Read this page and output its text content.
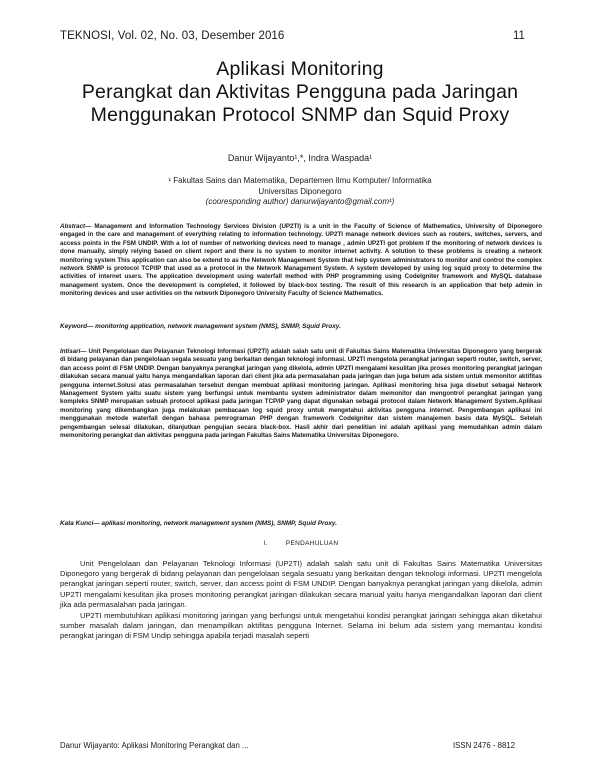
TEKNOSI, Vol. 02, No. 03, Desember 2016	11
Aplikasi Monitoring
Perangkat dan Aktivitas Pengguna pada Jaringan
Menggunakan Protocol SNMP dan Squid Proxy
Danur Wijayanto¹,*, Indra Waspada¹
¹ Fakultas Sains dan Matematika, Departemen Ilmu Komputer/ Informatika
Universitas Diponegoro
(cooresponding author) danurwijayanto@gmail.com¹)
Abstract— Management and Information Technology Services Division (UP2TI) is a unit in the Faculty of Science of Mathematics, University of Diponegoro engaged in the care and management of everything relating to information technology. UP2TI manage network devices such as routers, switches, servers, and access points in the FSM UNDIP. With a lot of number of networking devices need to manage , admin UP2TI got problem if the monitoring of network devices is done manually, simply relying based on client report and there is no system to monitor internet activity. A solution to these problems is creating a network monitoring system This application can also be extend to as the Network Management System that help system administrators to monitor and control the complex network SNMP is protocol TCP/IP that used as a protocol in the Network Management System. A system developed by using log squid proxy to determine the activities of internet users. The application development using waterfall method with PHP programming using CodeIgniter framework and MySQL database management system. Once the development is completed, it followed by black-box testing. The result of this research is an application that help admin in monitoring devices and user activities on the network Diponegoro University Faculty of Science Mathematics.
Keyword— monitoring application, network management system (NMS), SNMP, Squid Proxy.
Intisari— Unit Pengelolaan dan Pelayanan Teknologi Informasi (UP2TI) adalah salah satu unit di Fakultas Sains Matematika Universitas Diponegoro yang bergerak di bidang pelayanan dan pengelolaan segala sesuatu yang berkaitan dengan teknologi informasi. UP2TI mengelola perangkat jaringan seperti router, switch, server, dan access point di FSM UNDIP. Dengan banyaknya perangkat jaringan yang dikelola, admin UP2TI mengalami kesulitan jika proses monitoring perangkat jaringan dilakukan secara manual yaitu hanya mengandalkan laporan dari client jika ada permasalahan pada jaringan dan juga belum ada sistem untuk memonitor aktifitas pengguna internet.Solusi atas permasalahan tersebut dengan membuat aplikasi monitoring jaringan. Aplikasi monitoring bisa juga disebut sebagai Network Management System yaitu suatu sistem yang berfungsi untuk membantu system administrator dalam memonitor dan mengontrol perangkat jaringan yang kompleks SNMP merupakan sebuah protocol aplikasi pada jaringan TCP/IP yang dapat digunakan sebagai protocol dalam Network Management System.Aplikasi monitoring yang dikembangkan juga melakukan pembacaan log squid proxy untuk mengetahui aktivitas pengguna internet. Pengembangan aplikasi ini menggunakan metode waterfall dengan bahasa pemrograman PHP dengan framework CodeIgniter dan sistem manajemen basis data MySQL. Setelah pengembangan selesai dilakukan, dilanjutkan pengujian secara black-box. Hasil akhir dari penelitian ini adalah aplikasi yang memudahkan admin dalam memonitoring perangkat dan aktivitas pengguna pada jaringan Fakultas Sains Matematika Universitas Diponegoro.
Kata Kunci— aplikasi monitoring, network management system (NMS), SNMP, Squid Proxy.
I.	PENDAHULUAN

Unit Pengelolaan dan Pelayanan Teknologi Informasi (UP2TI) adalah salah satu unit di Fakultas Sains Matematika Universitas Diponegoro yang bergerak di bidang pelayanan dan pengelolaan segala sesuatu yang berkaitan dengan teknologi informasi. UP2TI mengelola perangkat jaringan seperti router, switch, server, dan access point di FSM UNDIP. Dengan banyaknya perangkat jaringan yang dikelola, admin UP2TI mengalami kesulitan jika proses monitoring perangkat jaringan dilakukan secara manual yaitu hanya mengandalkan laporan dari client jika ada permasalahan pada jaringan.

UP2TI membutuhkan aplikasi monitoring jaringan yang berfungsi untuk mengetahui kondisi perangkat jaringan sehingga akan diketahui sumber masalah dalam jaringan, dan menampilkan aktifitas pengguna Internet. Selama ini belum ada sistem yang memantau kondisi perangkat jaringan di FSM Undip sehingga apabila terjadi masalah seperti

Danur Wijayanto: Aplikasi Monitoring Perangkat dan ...	ISSN 2476 - 8812
